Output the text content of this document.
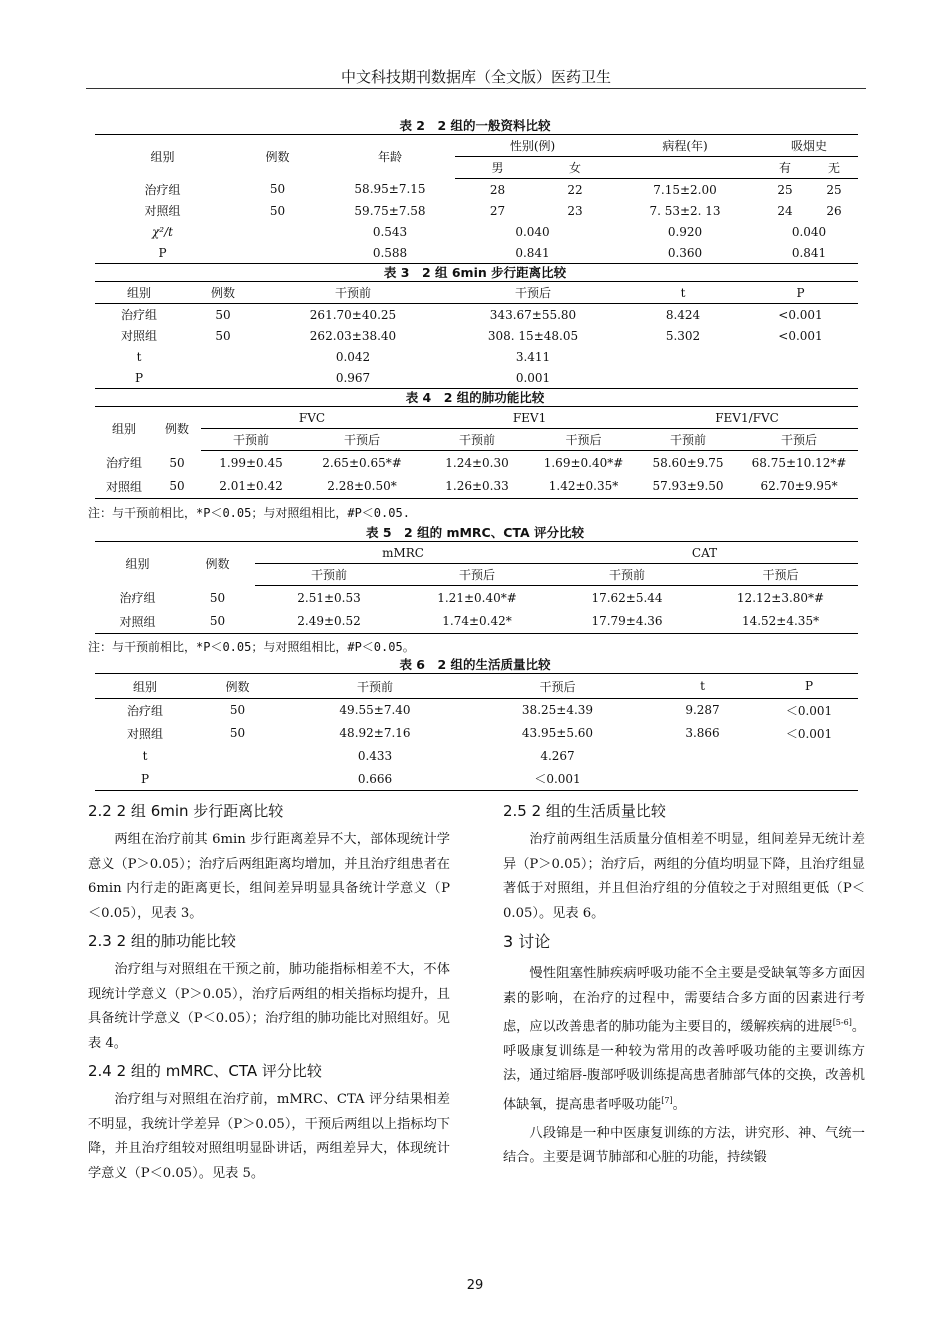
中文科技期刊数据库（全文版）医药卫生
表 2　2 组的一般资料比较
组别	例数	年龄	性别(例)		病程(年)	吸烟史	
			男	女		有	无
治疗组	50	58.95±7.15	28	22	7.15±2.00	25	25
对照组	50	59.75±7.58	27	23	7. 53±2. 13	24	26
χ²/t		0.543	0.040		0.920	0.040	
P		0.588	0.841		0.360	0.841	
表 3　2 组 6min 步行距离比较
组别	例数	干预前	干预后	t	P
治疗组	50	261.70±40.25	343.67±55.80	8.424	<0.001
对照组	50	262.03±38.40	308. 15±48.05	5.302	<0.001
t		0.042	3.411		
P		0.967	0.001		
表 4　2 组的肺功能比较
组别	例数	FVC		FEV1		FEV1/FVC	
		干预前	干预后	干预前	干预后	干预前	干预后
治疗组	50	1.99±0.45	2.65±0.65*#	1.24±0.30	1.69±0.40*#	58.60±9.75	68.75±10.12*#
对照组	50	2.01±0.42	2.28±0.50*	1.26±0.33	1.42±0.35*	57.93±9.50	62.70±9.95*
注：与干预前相比，*P＜0.05；与对照组相比，#P＜0.05.
表 5　2 组的 mMRC、CTA 评分比较
组别	例数	mMRC		CAT	
		干预前	干预后	干预前	干预后
治疗组	50	2.51±0.53	1.21±0.40*#	17.62±5.44	12.12±3.80*#
对照组	50	2.49±0.52	1.74±0.42*	17.79±4.36	14.52±4.35*
注：与干预前相比，*P＜0.05；与对照组相比，#P＜0.05。
表 6　2 组的生活质量比较
组别	例数	干预前	干预后	t	P
治疗组	50	49.55±7.40	38.25±4.39	9.287	＜0.001
对照组	50	48.92±7.16	43.95±5.60	3.866	＜0.001
t		0.433	4.267		
P		0.666	＜0.001		
2.2 2 组 6min 步行距离比较

两组在治疗前其 6min 步行距离差异不大，部体现统计学意义（P＞0.05）；治疗后两组距离均增加，并且治疗组患者在 6min 内行走的距离更长，组间差异明显具备统计学意义（P＜0.05），见表 3。

2.3 2 组的肺功能比较

治疗组与对照组在干预之前，肺功能指标相差不大，不体现统计学意义（P＞0.05），治疗后两组的相关指标均提升，且具备统计学意义（P＜0.05）；治疗组的肺功能比对照组好。见表 4。

2.4 2 组的 mMRC、CTA 评分比较

治疗组与对照组在治疗前，mMRC、CTA 评分结果相差不明显，我统计学差异（P＞0.05），干预后两组以上指标均下降，并且治疗组较对照组明显卧讲话，两组差异大，体现统计学意义（P＜0.05）。见表 5。

2.5 2 组的生活质量比较

治疗前两组生活质量分值相差不明显，组间差异无统计差异（P＞0.05）；治疗后，两组的分值均明显下降，且治疗组显著低于对照组，并且但治疗组的分值较之于对照组更低（P＜0.05）。见表 6。

3 讨论

慢性阻塞性肺疾病呼吸功能不全主要是受缺氧等多方面因素的影响，在治疗的过程中，需要结合多方面的因素进行考虑，应以改善患者的肺功能为主要目的，缓解疾病的进展[5-6]。呼吸康复训练是一种较为常用的改善呼吸功能的主要训练方法，通过缩唇-腹部呼吸训练提高患者肺部气体的交换，改善机体缺氧，提高患者呼吸功能[7]。

八段锦是一种中医康复训练的方法，讲究形、神、气统一结合。主要是调节肺部和心脏的功能，持续锻

29
